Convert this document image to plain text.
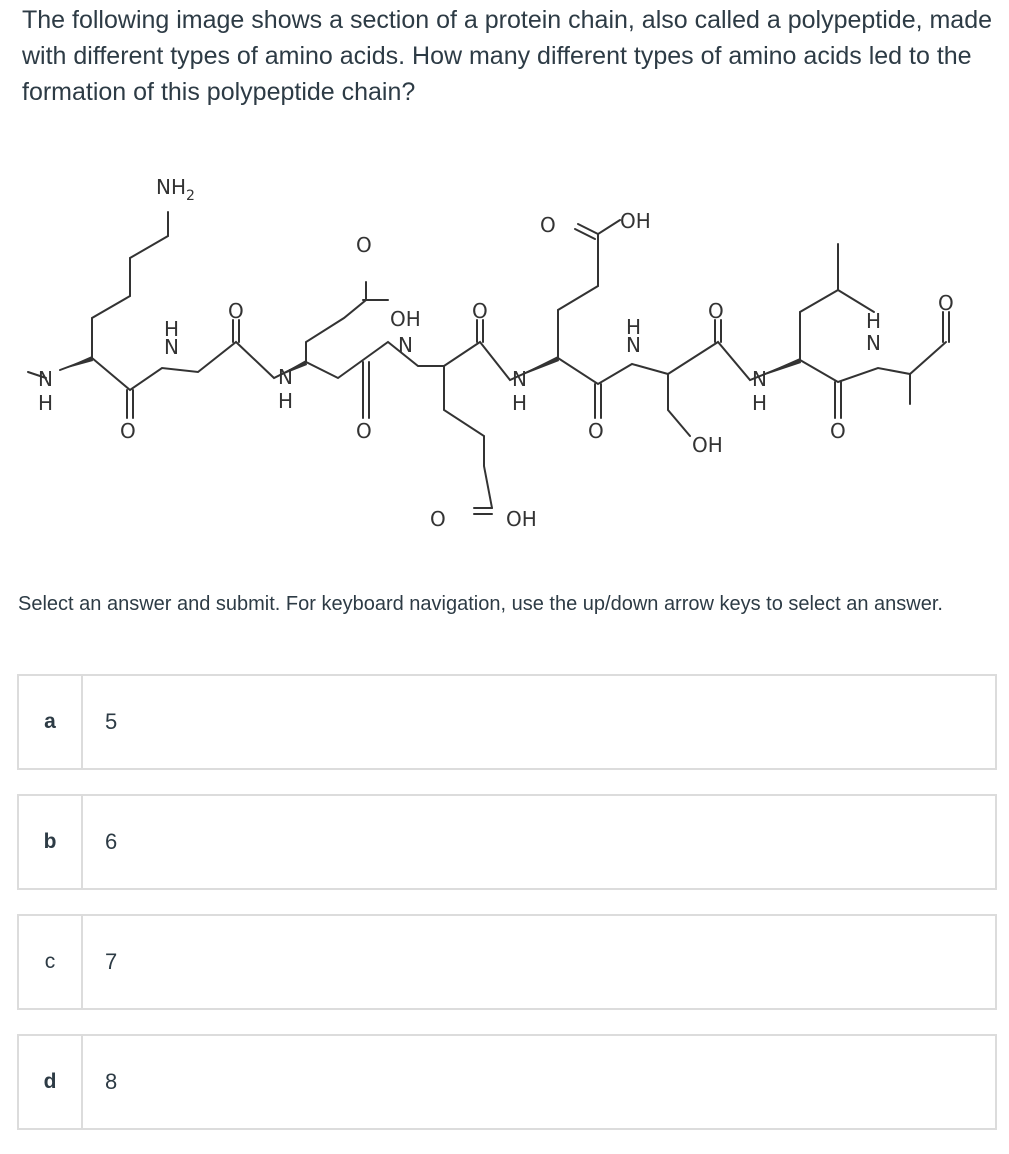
The following image shows a section of a protein chain, also called a polypeptide, made with different types of amino acids. How many different types of amino acids led to the formation of this polypeptide chain?
$NH_2$
N
H
H
N
O
O
N
H
O
O
OH
N
O
O	OH
N
H
O	OH
O
H
N
O
OH
N
H
O
H
N
O

Select an answer and submit. For keyboard navigation, use the up/down arrow keys to select an answer.

a	5
b	6
c	7
d	8
